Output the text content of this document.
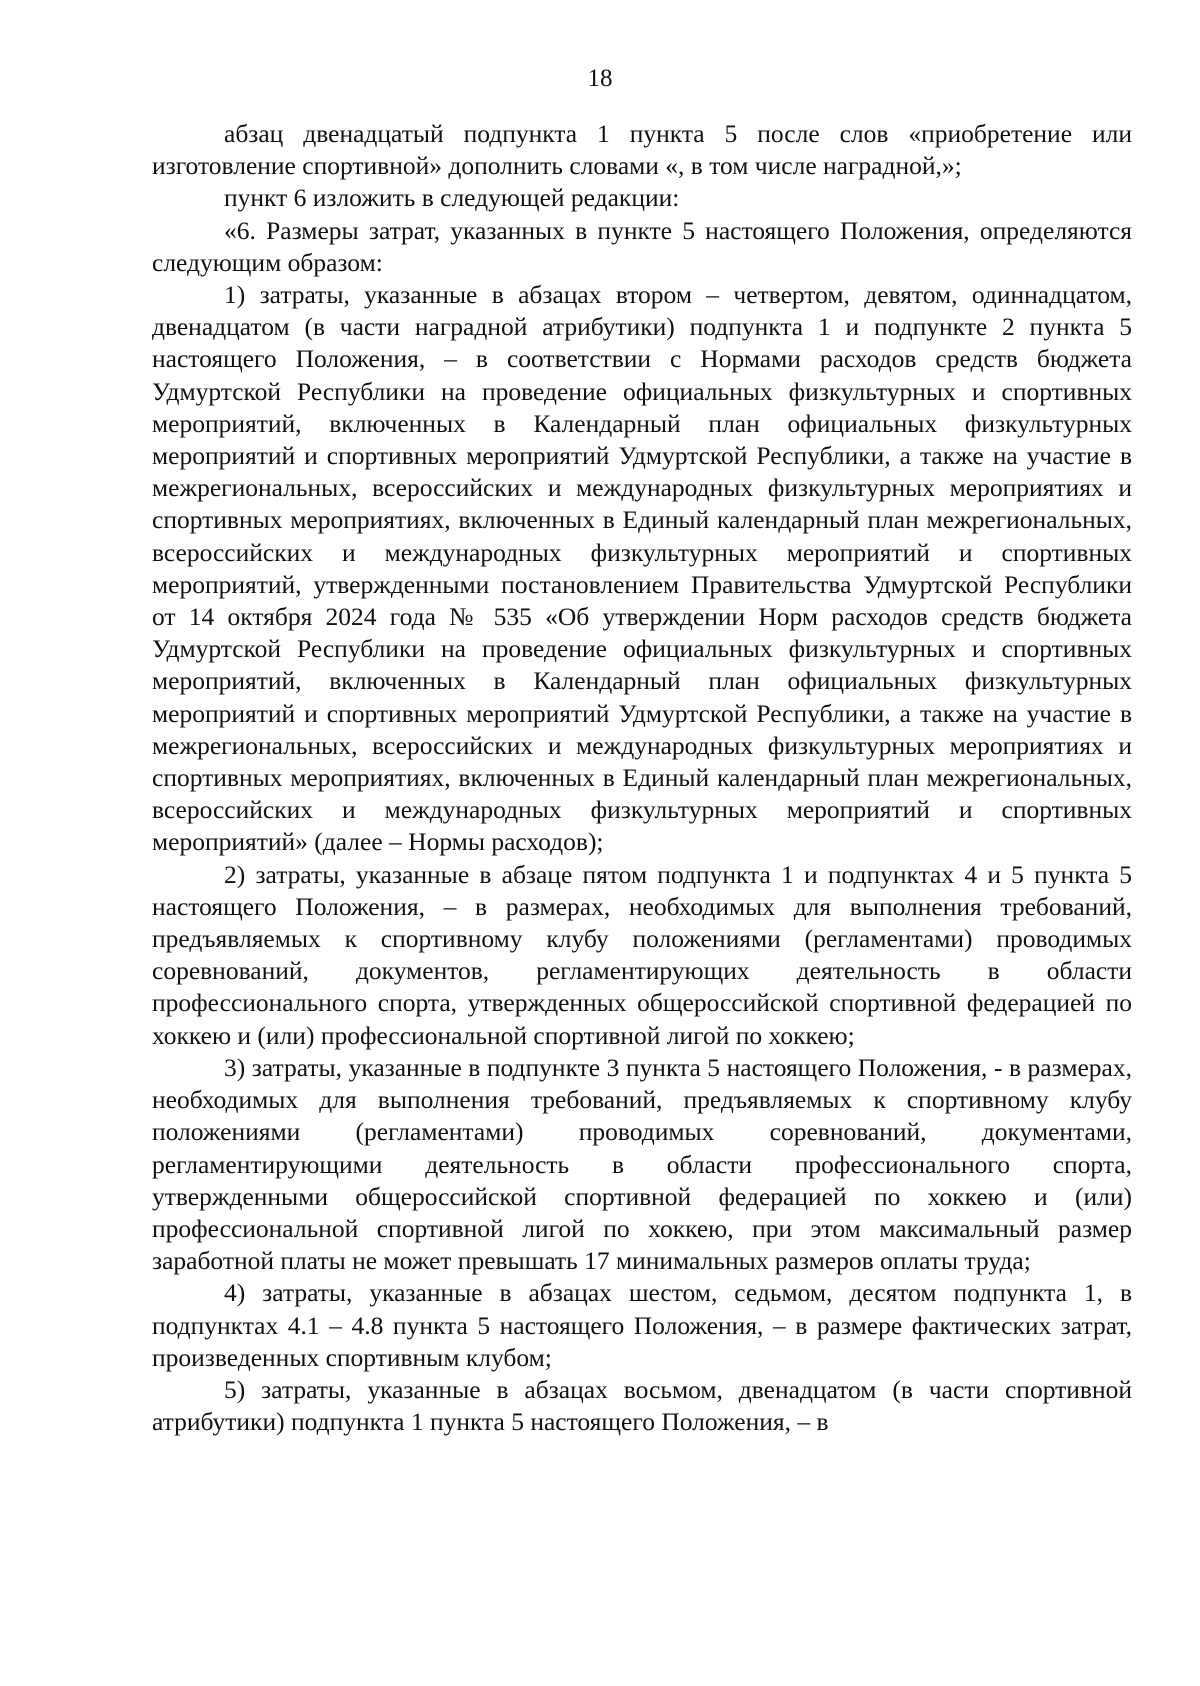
18

абзац двенадцатый подпункта 1 пункта 5 после слов «приобретение или изготовление спортивной» дополнить словами «, в том числе наградной,»;

пункт 6 изложить в следующей редакции:

«6. Размеры затрат, указанных в пункте 5 настоящего Положения, определяются следующим образом:

1) затраты, указанные в абзацах втором – четвертом, девятом, одиннадцатом, двенадцатом (в части наградной атрибутики) подпункта 1 и подпункте 2 пункта 5 настоящего Положения, – в соответствии с Нормами расходов средств бюджета Удмуртской Республики на проведение официальных физкультурных и спортивных мероприятий, включенных в Календарный план официальных физкультурных мероприятий и спортивных мероприятий Удмуртской Республики, а также на участие в межрегиональных, всероссийских и международных физкультурных мероприятиях и спортивных мероприятиях, включенных в Единый календарный план межрегиональных, всероссийских и международных физкультурных мероприятий и спортивных мероприятий, утвержденными постановлением Правительства Удмуртской Республики от 14 октября 2024 года № 535 «Об утверждении Норм расходов средств бюджета Удмуртской Республики на проведение официальных физкультурных и спортивных мероприятий, включенных в Календарный план официальных физкультурных мероприятий и спортивных мероприятий Удмуртской Республики, а также на участие в межрегиональных, всероссийских и международных физкультурных мероприятиях и спортивных мероприятиях, включенных в Единый календарный план межрегиональных, всероссийских и международных физкультурных мероприятий и спортивных мероприятий» (далее – Нормы расходов);

2) затраты, указанные в абзаце пятом подпункта 1 и подпунктах 4 и 5 пункта 5 настоящего Положения, – в размерах, необходимых для выполнения требований, предъявляемых к спортивному клубу положениями (регламентами) проводимых соревнований, документов, регламентирующих деятельность в области профессионального спорта, утвержденных общероссийской спортивной федерацией по хоккею и (или) профессиональной спортивной лигой по хоккею;

3) затраты, указанные в подпункте 3 пункта 5 настоящего Положения, - в размерах, необходимых для выполнения требований, предъявляемых к спортивному клубу положениями (регламентами) проводимых соревнований, документами, регламентирующими деятельность в области профессионального спорта, утвержденными общероссийской спортивной федерацией по хоккею и (или) профессиональной спортивной лигой по хоккею, при этом максимальный размер заработной платы не может превышать 17 минимальных размеров оплаты труда;

4) затраты, указанные в абзацах шестом, седьмом, десятом подпункта 1, в подпунктах 4.1 – 4.8 пункта 5 настоящего Положения, – в размере фактических затрат, произведенных спортивным клубом;

5) затраты, указанные в абзацах восьмом, двенадцатом (в части спортивной атрибутики) подпункта 1 пункта 5 настоящего Положения, – в
